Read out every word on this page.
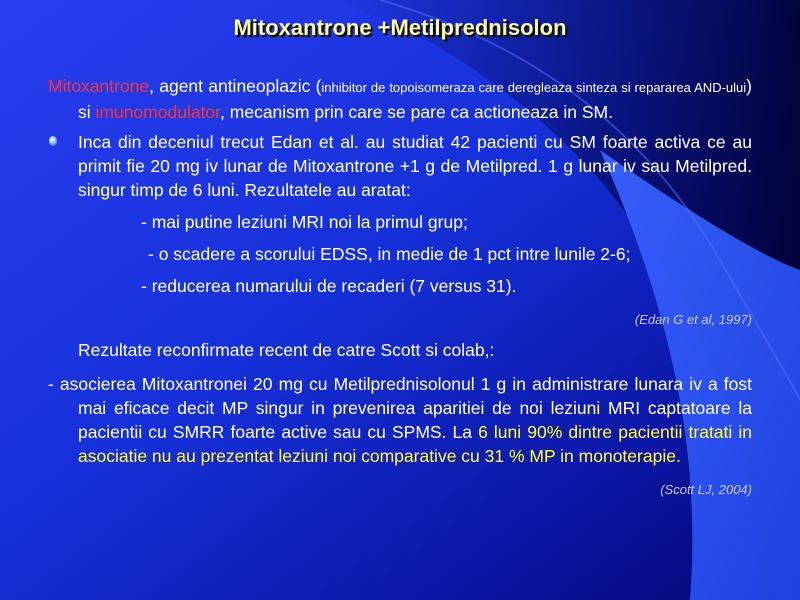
Mitoxantrone +Metilprednisolon

Mitoxantrone, agent antineoplazic (inhibitor de topoisomeraza care deregleaza sinteza si repararea AND-ului) si imunomodulator, mecanism prin care se pare ca actioneaza in SM.

Inca din deceniul trecut Edan et al. au studiat 42 pacienti cu SM foarte activa ce au primit fie 20 mg iv lunar de Mitoxantrone +1 g de Metilpred. 1 g lunar iv sau Metilpred. singur timp de 6 luni. Rezultatele au aratat:

- mai putine leziuni MRI noi la primul grup;

- o scadere a scorului EDSS, in medie de 1 pct intre lunile 2-6;

- reducerea numarului de recaderi (7 versus 31).

(Edan G et al, 1997)

Rezultate reconfirmate recent de catre Scott si colab,:

- asocierea Mitoxantronei 20 mg cu Metilprednisolonul 1 g in administrare lunara iv a fost mai eficace decit MP singur in prevenirea aparitiei de noi leziuni MRI captatoare la pacientii cu SMRR foarte active sau cu SPMS. La 6 luni 90% dintre pacientii tratati in asociatie nu au prezentat leziuni noi comparative cu 31 % MP in monoterapie.

(Scott LJ, 2004)
